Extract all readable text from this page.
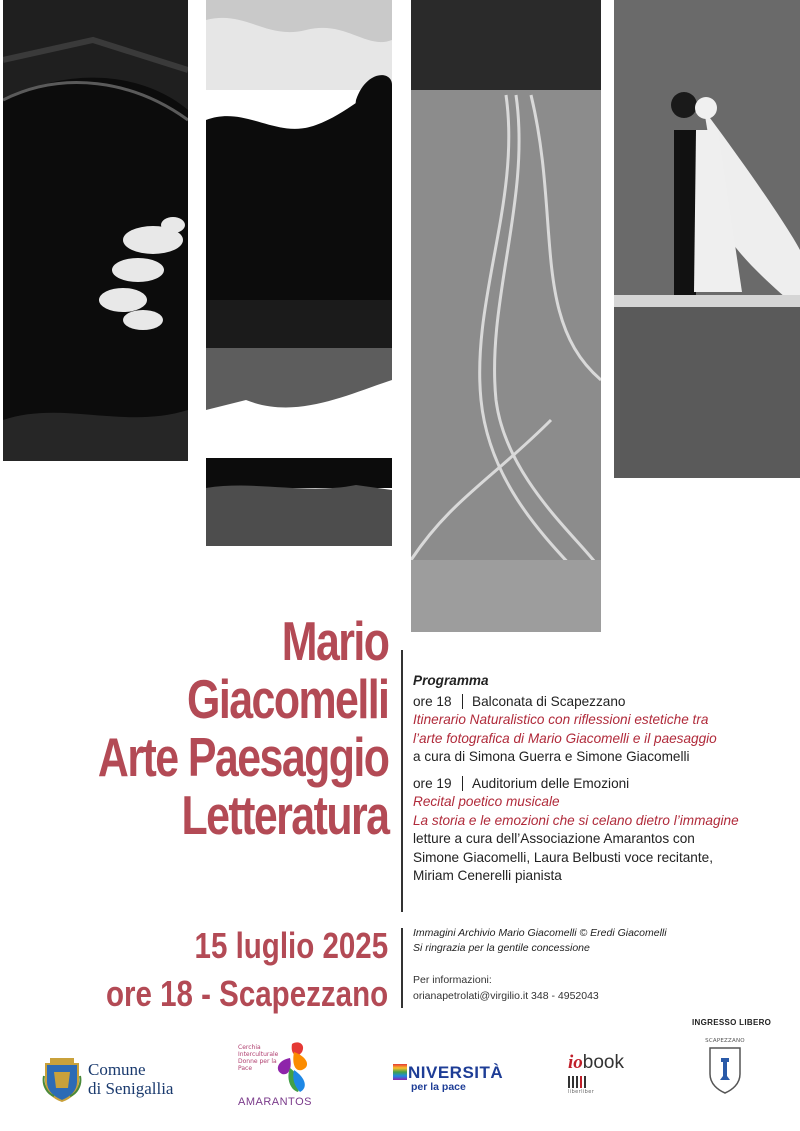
Mario
Giacomelli
Arte Paesaggio
Letteratura
15 luglio 2025
ore 18 - Scapezzano
Programma
ore 18 Balconata di Scapezzano
Itinerario Naturalistico con riflessioni estetiche tra
l’arte fotografica di Mario Giacomelli e il paesaggio
a cura di Simona Guerra e Simone Giacomelli
ore 19 Auditorium delle Emozioni
Recital poetico musicale
La storia e le emozioni che si celano dietro l’immagine
letture a cura dell’Associazione Amarantos con
Simone Giacomelli, Laura Belbusti voce recitante,
Miriam Cenerelli pianista
Immagini Archivio Mario Giacomelli © Eredi Giacomelli
Si ringrazia per la gentile concessione
Per informazioni:
orianapetrolati@virgilio.it 348 - 4952043
INGRESSO LIBERO
Comune
di Senigallia
Cerchia Interculturale Donne per la Pace
AMARANTOS
NIVERSITÀ
per la pace
iobook
liberliber
SCAPEZZANO
